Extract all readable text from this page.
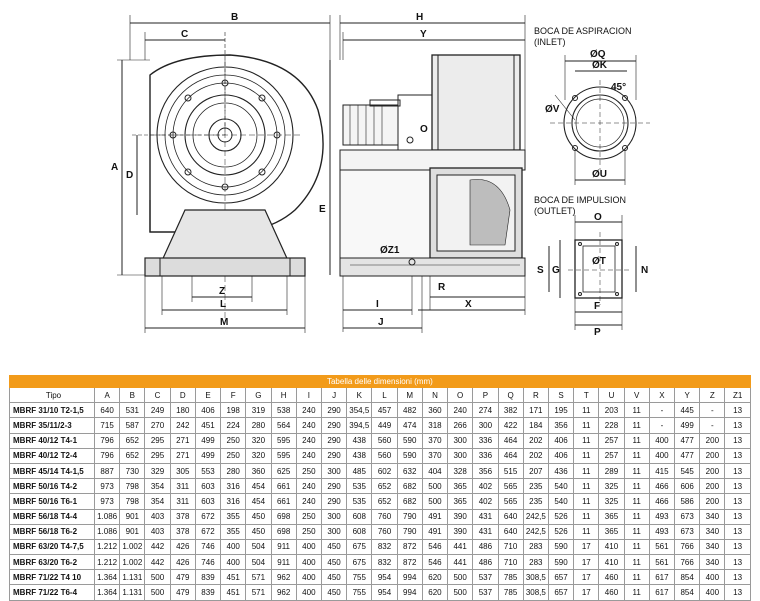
B
C
A
D
Z
L
M
H
Y
E
ØZ1
I
J
R
X
O
BOCA DE ASPIRACION
(INLET)
ØQ
ØK
45°
ØV
ØU
BOCA DE IMPULSION
(OUTLET)
O
ØT
S G	N
F
P
Tabella delle dimensioni (mm)																										
Tipo	A	B	C	D	E	F	G	H	I	J	K	L	M	N	O	P	Q	R	S	T	U	V	X	Y	Z	Z1
MBRF 31/10 T2-1,5	640	531	249	180	406	198	319	538	240	290	354,5	457	482	360	240	274	382	171	195	11	203	11	-	445	-	13
MBRF 35/11/2-3	715	587	270	242	451	224	280	564	240	290	394,5	449	474	318	266	300	422	184	356	11	228	11	-	499	-	13
MBRF 40/12 T4-1	796	652	295	271	499	250	320	595	240	290	438	560	590	370	300	336	464	202	406	11	257	11	400	477	200	13
MBRF 40/12 T2-4	796	652	295	271	499	250	320	595	240	290	438	560	590	370	300	336	464	202	406	11	257	11	400	477	200	13
MBRF 45/14 T4-1,5	887	730	329	305	553	280	360	625	250	300	485	602	632	404	328	356	515	207	436	11	289	11	415	545	200	13
MBRF 50/16 T4-2	973	798	354	311	603	316	454	661	240	290	535	652	682	500	365	402	565	235	540	11	325	11	466	606	200	13
MBRF 50/16 T6-1	973	798	354	311	603	316	454	661	240	290	535	652	682	500	365	402	565	235	540	11	325	11	466	586	200	13
MBRF 56/18 T4-4	1.086	901	403	378	672	355	450	698	250	300	608	760	790	491	390	431	640	242,5	526	11	365	11	493	673	340	13
MBRF 56/18 T6-2	1.086	901	403	378	672	355	450	698	250	300	608	760	790	491	390	431	640	242,5	526	11	365	11	493	673	340	13
MBRF 63/20 T4-7,5	1.212	1.002	442	426	746	400	504	911	400	450	675	832	872	546	441	486	710	283	590	17	410	11	561	766	340	13
MBRF 63/20 T6-2	1.212	1.002	442	426	746	400	504	911	400	450	675	832	872	546	441	486	710	283	590	17	410	11	561	766	340	13
MBRF 71/22 T4 10	1.364	1.131	500	479	839	451	571	962	400	450	755	954	994	620	500	537	785	308,5	657	17	460	11	617	854	400	13
MBRF 71/22 T6-4	1.364	1.131	500	479	839	451	571	962	400	450	755	954	994	620	500	537	785	308,5	657	17	460	11	617	854	400	13
